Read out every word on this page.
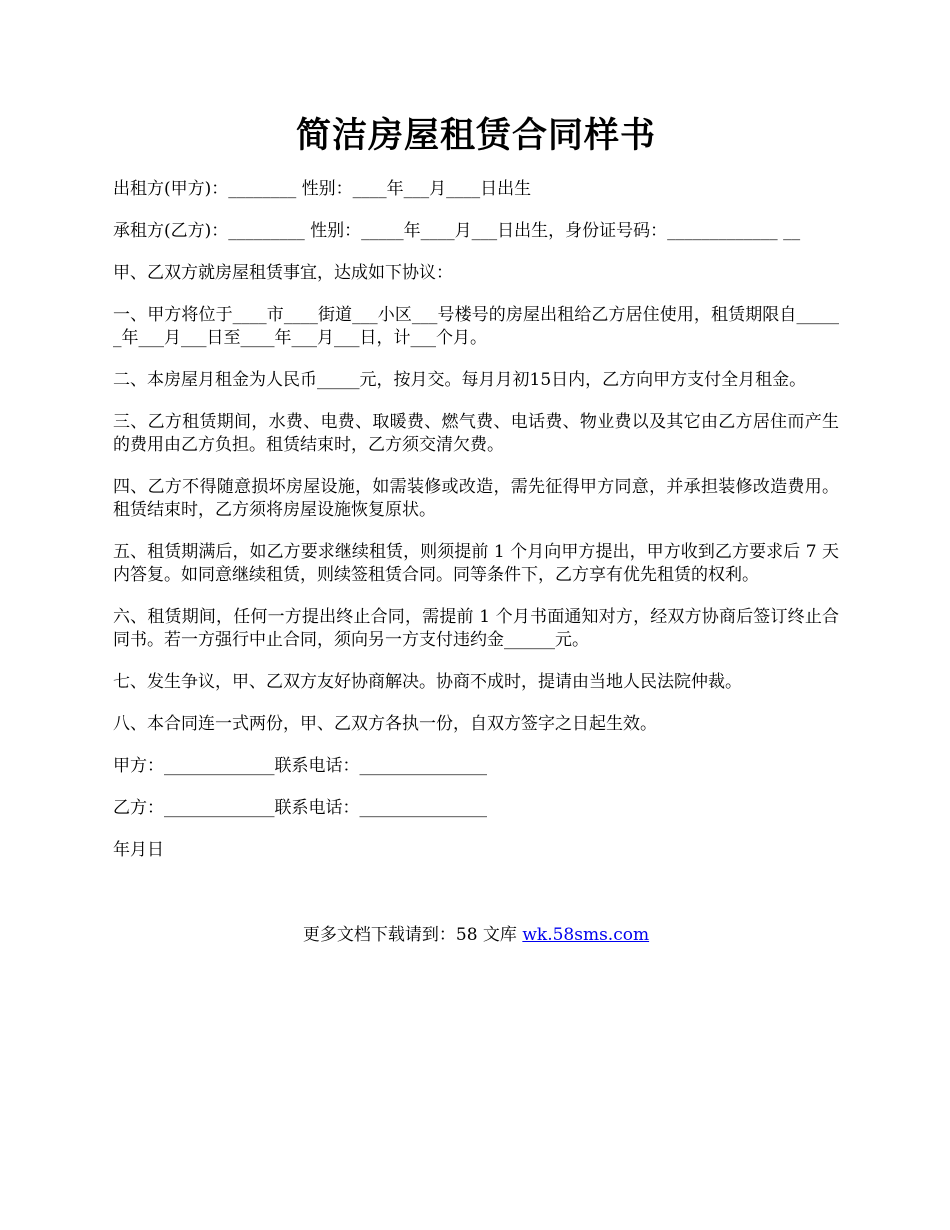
简洁房屋租赁合同样书

出租方(甲方)：________ 性别：____年___月____日出生

承租方(乙方)：_________ 性别：_____年____月___日出生，身份证号码：_____________ __

甲、乙双方就房屋租赁事宜，达成如下协议：

一、甲方将位于____市____街道___小区___号楼号的房屋出租给乙方居住使用，租赁期限自______年___月___日至____年___月___日，计___个月。

二、本房屋月租金为人民币_____元，按月交。每月月初15日内，乙方向甲方支付全月租金。

三、乙方租赁期间，水费、电费、取暖费、燃气费、电话费、物业费以及其它由乙方居住而产生的费用由乙方负担。租赁结束时，乙方须交清欠费。

四、乙方不得随意损坏房屋设施，如需装修或改造，需先征得甲方同意，并承担装修改造费用。租赁结束时，乙方须将房屋设施恢复原状。

五、租赁期满后，如乙方要求继续租赁，则须提前 1 个月向甲方提出，甲方收到乙方要求后 7 天内答复。如同意继续租赁，则续签租赁合同。同等条件下，乙方享有优先租赁的权利。

六、租赁期间，任何一方提出终止合同，需提前 1 个月书面通知对方，经双方协商后签订终止合同书。若一方强行中止合同，须向另一方支付违约金______元。

七、发生争议，甲、乙双方友好协商解决。协商不成时，提请由当地人民法院仲裁。

八、本合同连一式两份，甲、乙双方各执一份，自双方签字之日起生效。

甲方：_____________联系电话：_______________

乙方：_____________联系电话：_______________

年月日

更多文档下载请到：58 文库 wk.58sms.com
